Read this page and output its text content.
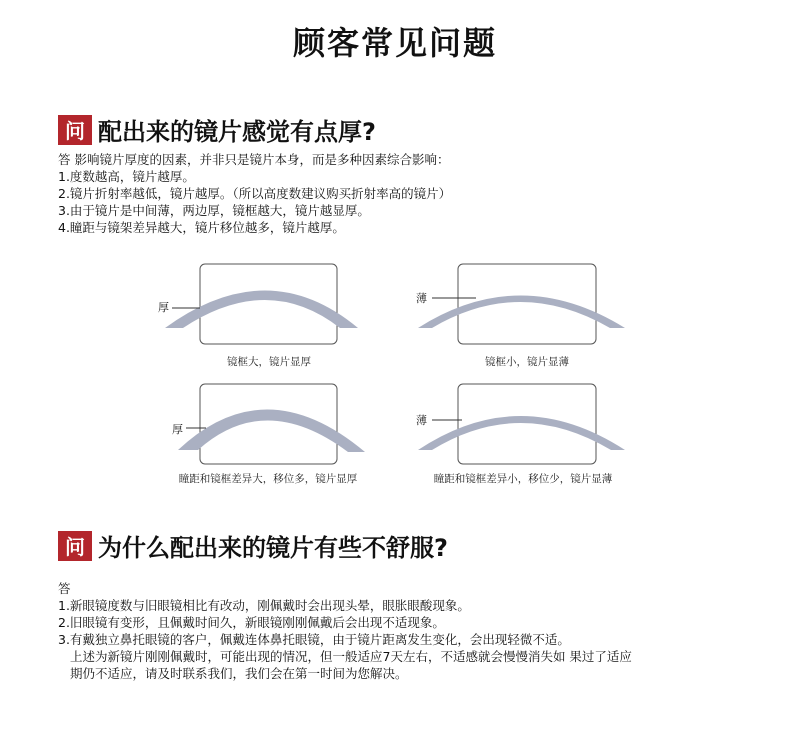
顾客常见问题
问 配出来的镜片感觉有点厚?
答 影响镜片厚度的因素，并非只是镜片本身，而是多种因素综合影响：
1.度数越高，镜片越厚。
2.镜片折射率越低，镜片越厚。（所以高度数建议购买折射率高的镜片）
3.由于镜片是中间薄，两边厚，镜框越大，镜片越显厚。
4.瞳距与镜架差异越大，镜片移位越多，镜片越厚。
厚
镜框大，镜片显厚
薄
镜框小，镜片显薄
厚
瞳距和镜框差异大，移位多，镜片显厚
薄
瞳距和镜框差异小，移位少，镜片显薄
问 为什么配出来的镜片有些不舒服?
答
1.新眼镜度数与旧眼镜相比有改动，刚佩戴时会出现头晕，眼胀眼酸现象。
2.旧眼镜有变形，且佩戴时间久，新眼镜刚刚佩戴后会出现不适现象。
3.有戴独立鼻托眼镜的客户，佩戴连体鼻托眼镜，由于镜片距离发生变化，会出现轻微不适。
上述为新镜片刚刚佩戴时，可能出现的情况，但一般适应7天左右，不适感就会慢慢消失如 果过了适应
期仍不适应，请及时联系我们，我们会在第一时间为您解决。
